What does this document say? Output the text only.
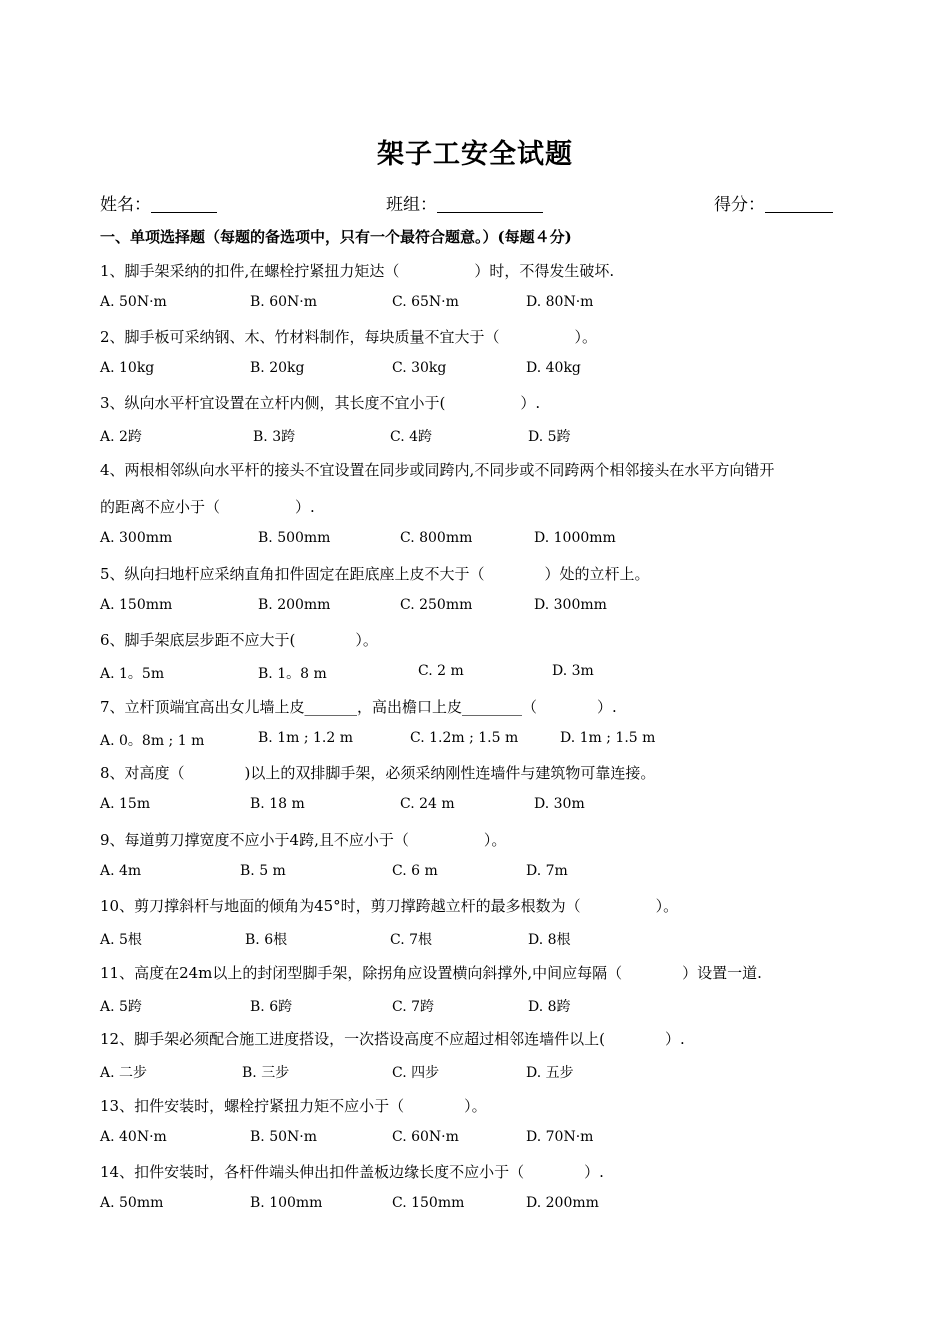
架子工安全试题
姓名：	班组：	得分：
一、单项选择题（每题的备选项中，只有一个最符合题意。）(每题４分)
1、脚手架采纳的扣件,在螺栓拧紧扭力矩达（　　　　　）时，不得发生破坏.
A. 50N·m	B. 60N·m	C. 65N·m	D. 80N·m
2、脚手板可采纳钢、木、竹材料制作，每块质量不宜大于（　　　　　）。
A. 10kg	B. 20kg	C. 30kg	D. 40kg
3、纵向水平杆宜设置在立杆内侧，其长度不宜小于(　　　　　）.
A. 2跨	B. 3跨	C. 4跨	D. 5跨
4、两根相邻纵向水平杆的接头不宜设置在同步或同跨内,不同步或不同跨两个相邻接头在水平方向错开
的距离不应小于（　　　　　）.
A. 300mm	B. 500mm	C. 800mm	D. 1000mm
5、纵向扫地杆应采纳直角扣件固定在距底座上皮不大于（　　　　）处的立杆上。
A. 150mm	B. 200mm	C. 250mm	D. 300mm
6、脚手架底层步距不应大于(　　　　）。
A. 1。5m	B. 1。8 m	C. 2 m	D. 3m
7、立杆顶端宜高出女儿墙上皮_______，高出檐口上皮________（　　　　）.
A. 0。8m ; 1 m	B. 1m ; 1.2 m	C. 1.2m ; 1.5 m	D. 1m ; 1.5 m
8、对高度（　　　　)以上的双排脚手架，必须采纳刚性连墙件与建筑物可靠连接。
A. 15m	B. 18 m	C. 24 m	D. 30m
9、每道剪刀撑宽度不应小于4跨,且不应小于（　　　　　）。
A. 4m	B. 5 m	C. 6 m	D. 7m
10、剪刀撑斜杆与地面的倾角为45°时，剪刀撑跨越立杆的最多根数为（　　　　　）。
A. 5根	B. 6根	C. 7根	D. 8根
11、高度在24m以上的封闭型脚手架，除拐角应设置横向斜撑外,中间应每隔（　　　　）设置一道.
A. 5跨	B. 6跨	C. 7跨	D. 8跨
12、脚手架必须配合施工进度搭设，一次搭设高度不应超过相邻连墙件以上(　　　　）.
A. 二步	B. 三步	C. 四步	D. 五步
13、扣件安装时，螺栓拧紧扭力矩不应小于（　　　　）。
A. 40N·m	B. 50N·m	C. 60N·m	D. 70N·m
14、扣件安装时，各杆件端头伸出扣件盖板边缘长度不应小于（　　　　）.
A. 50mm	B. 100mm	C. 150mm	D. 200mm
